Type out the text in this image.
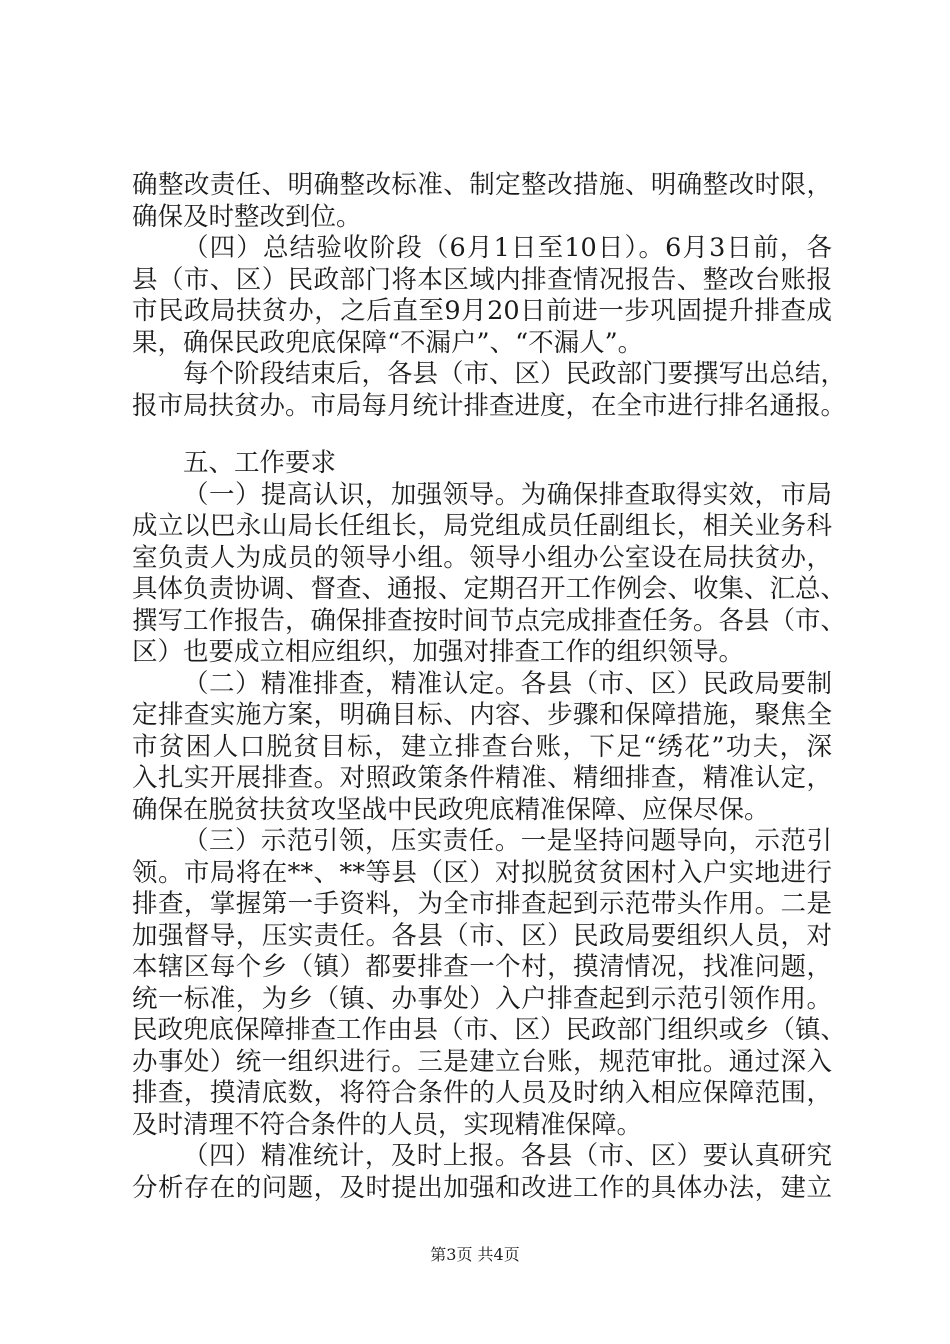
确整改责任、明确整改标准、制定整改措施、明确整改时限，
确保及时整改到位。
（四）总结验收阶段（6月1日至10日）。6月3日前，各
县（市、区）民政部门将本区域内排查情况报告、整改台账报
市民政局扶贫办，之后直至9月20日前进一步巩固提升排查成
果，确保民政兜底保障“不漏户”、“不漏人”。
每个阶段结束后，各县（市、区）民政部门要撰写出总结，
报市局扶贫办。市局每月统计排查进度，在全市进行排名通报。
五、工作要求
（一）提高认识，加强领导。为确保排查取得实效，市局
成立以巴永山局长任组长，局党组成员任副组长，相关业务科
室负责人为成员的领导小组。领导小组办公室设在局扶贫办，
具体负责协调、督查、通报、定期召开工作例会、收集、汇总、
撰写工作报告，确保排查按时间节点完成排查任务。各县（市、
区）也要成立相应组织，加强对排查工作的组织领导。
（二）精准排查，精准认定。各县（市、区）民政局要制
定排查实施方案，明确目标、内容、步骤和保障措施，聚焦全
市贫困人口脱贫目标，建立排查台账，下足“绣花”功夫，深
入扎实开展排查。对照政策条件精准、精细排查，精准认定，
确保在脱贫扶贫攻坚战中民政兜底精准保障、应保尽保。
（三）示范引领，压实责任。一是坚持问题导向，示范引
领。市局将在**、**等县（区）对拟脱贫贫困村入户实地进行
排查，掌握第一手资料，为全市排查起到示范带头作用。二是
加强督导，压实责任。各县（市、区）民政局要组织人员，对
本辖区每个乡（镇）都要排查一个村，摸清情况，找准问题，
统一标准，为乡（镇、办事处）入户排查起到示范引领作用。
民政兜底保障排查工作由县（市、区）民政部门组织或乡（镇、
办事处）统一组织进行。三是建立台账，规范审批。通过深入
排查，摸清底数，将符合条件的人员及时纳入相应保障范围，
及时清理不符合条件的人员，实现精准保障。
（四）精准统计，及时上报。各县（市、区）要认真研究
分析存在的问题，及时提出加强和改进工作的具体办法，建立
第3页 共4页
